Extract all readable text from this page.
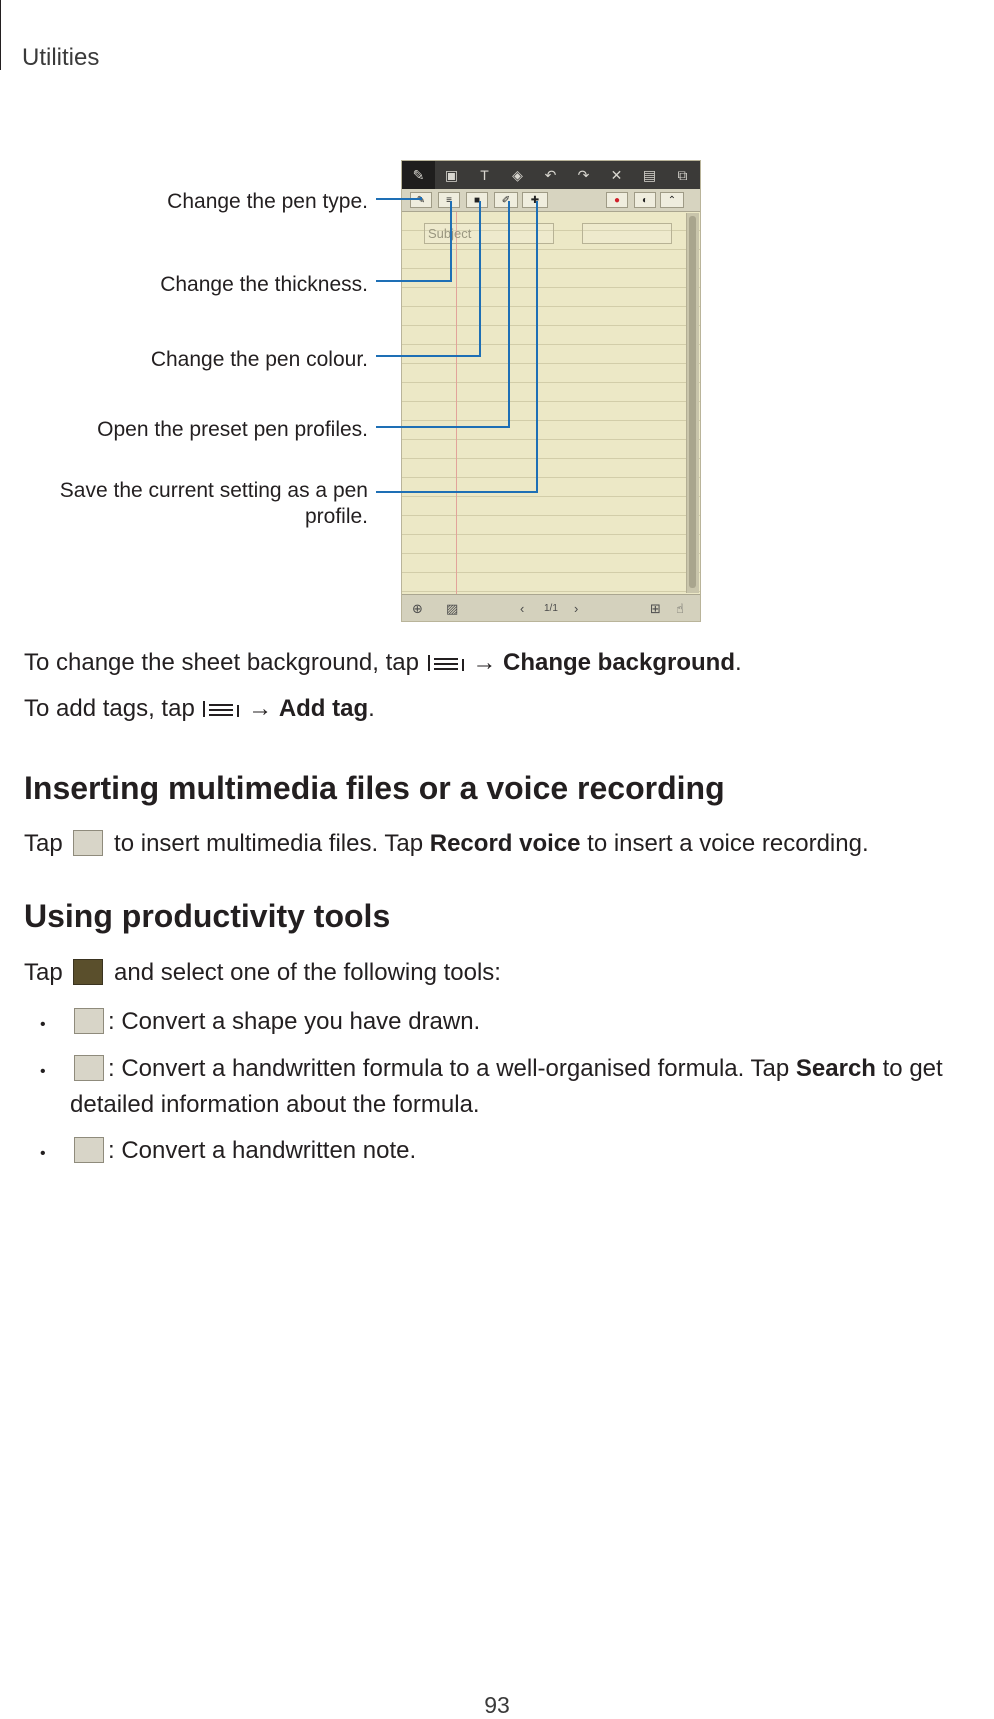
Utilities
Change the pen type.
Change the thickness.
Change the pen colour.
Open the preset pen profiles.
Save the current setting as a pen
profile.
✎	▣	T	◈	↶	↷	✕	▤	⧉
✎	≡	■	✐	✚	●	◐	⌃
Subject
⊕ ▨	‹ 1/1 ›	⊞ ☝
To change the sheet background, tap → Change background.
To add tags, tap → Add tag.
Inserting multimedia files or a voice recording
Tap to insert multimedia files. Tap Record voice to insert a voice recording.
Using productivity tools
Tap and select one of the following tools:
•	: Convert a shape you have drawn.
•	: Convert a handwritten formula to a well-organised formula. Tap Search to get
detailed information about the formula.
•	: Convert a handwritten note.
93
